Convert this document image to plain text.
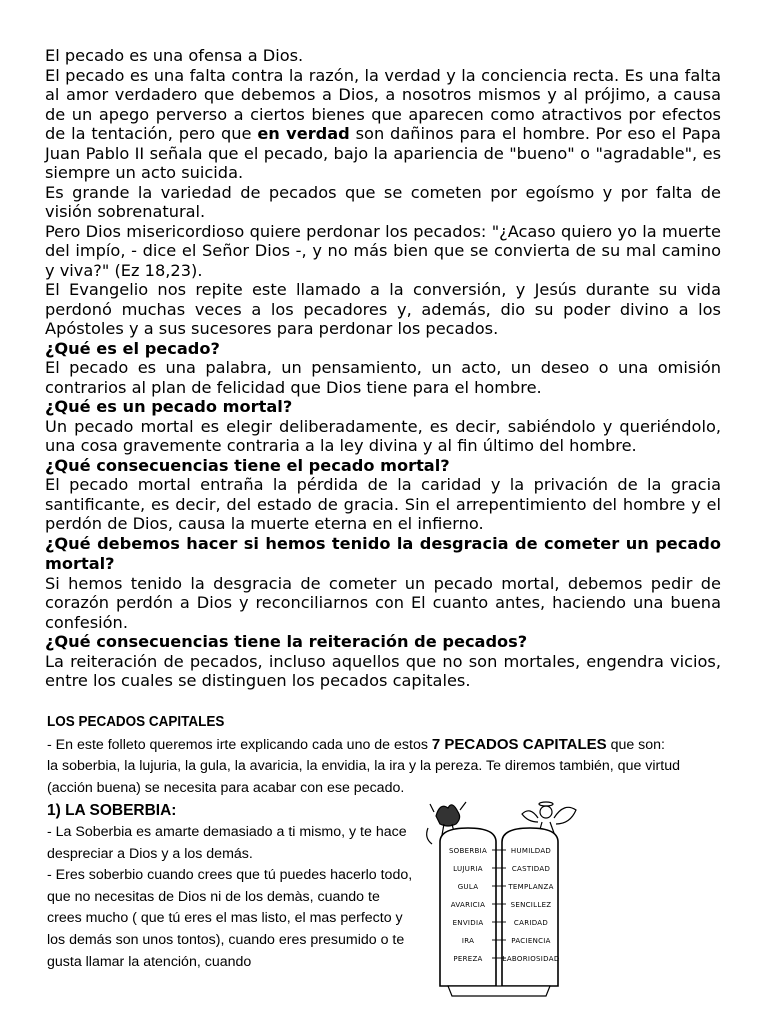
El pecado es una ofensa a Dios.

El pecado es una falta contra la razón, la verdad y la conciencia recta. Es una falta al amor verdadero que debemos a Dios, a nosotros mismos y al prójimo, a causa de un apego perverso a ciertos bienes que aparecen como atractivos por efectos de la tentación, pero que en verdad son dañinos para el hombre. Por eso el Papa Juan Pablo II señala que el pecado, bajo la apariencia de "bueno" o "agradable", es siempre un acto suicida.

Es grande la variedad de pecados que se cometen por egoísmo y por falta de visión sobrenatural.

Pero Dios misericordioso quiere perdonar los pecados: "¿Acaso quiero yo la muerte del impío, - dice el Señor Dios -, y no más bien que se convierta de su mal camino y viva?" (Ez 18,23).

El Evangelio nos repite este llamado a la conversión, y Jesús durante su vida perdonó muchas veces a los pecadores y, además, dio su poder divino a los Apóstoles y a sus sucesores para perdonar los pecados.

¿Qué es el pecado?

El pecado es una palabra, un pensamiento, un acto, un deseo o una omisión contrarios al plan de felicidad que Dios tiene para el hombre.

¿Qué es un pecado mortal?

Un pecado mortal es elegir deliberadamente, es decir, sabiéndolo y queriéndolo, una cosa gravemente contraria a la ley divina y al fin último del hombre.

¿Qué consecuencias tiene el pecado mortal?

El pecado mortal entraña la pérdida de la caridad y la privación de la gracia santificante, es decir, del estado de gracia. Sin el arrepentimiento del hombre y el perdón de Dios, causa la muerte eterna en el infierno.

¿Qué debemos hacer si hemos tenido la desgracia de cometer un pecado mortal?

Si hemos tenido la desgracia de cometer un pecado mortal, debemos pedir de corazón perdón a Dios y reconciliarnos con El cuanto antes, haciendo una buena confesión.

¿Qué consecuencias tiene la reiteración de pecados?

La reiteración de pecados, incluso aquellos que no son mortales, engendra vicios, entre los cuales se distinguen los pecados capitales.

LOS PECADOS CAPITALES

- En este folleto queremos irte explicando cada uno de estos 7 PECADOS CAPITALES que son:

la soberbia, la lujuria, la gula, la avaricia, la envidia, la ira y la pereza. Te diremos también, que virtud (acción buena) se necesita para acabar con ese pecado.

1) LA SOBERBIA:

- La Soberbia es amarte demasiado a ti mismo, y te hace despreciar a Dios y a los demás.

- Eres soberbio cuando crees que tú puedes hacerlo todo, que no necesitas de Dios ni de los demàs, cuando te crees mucho ( que tú eres el mas listo, el mas perfecto y los demás son unos tontos), cuando eres presumido o te gusta llamar la atención, cuando

SOBERBIA
LUJURIA
GULA
AVARICIA
ENVIDIA
IRA
PEREZA
HUMILDAD
CASTIDAD
TEMPLANZA
SENCILLEZ
CARIDAD
PACIENCIA
LABORIOSIDAD
